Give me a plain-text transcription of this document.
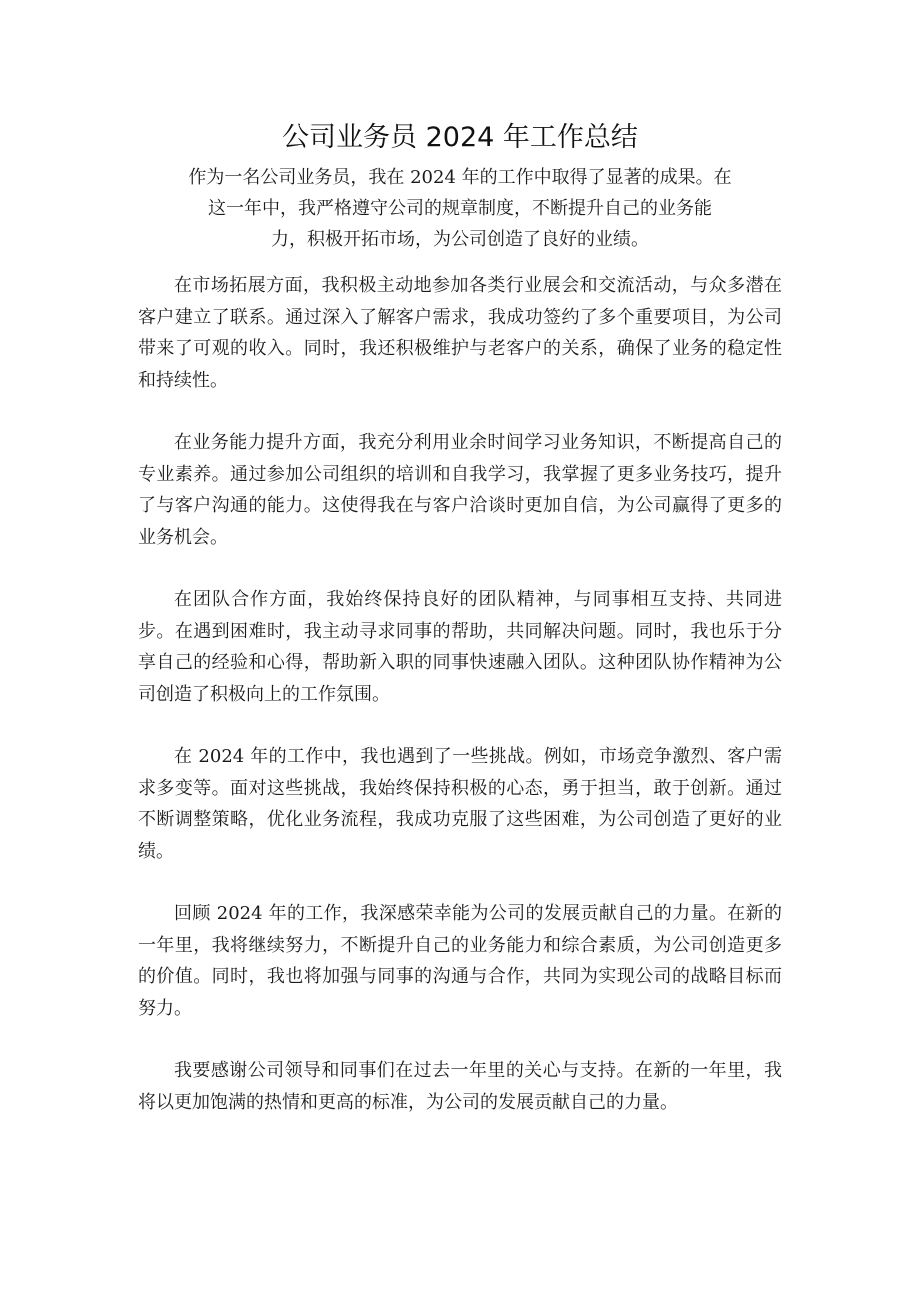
公司业务员 2024 年工作总结
作为一名公司业务员，我在 2024 年的工作中取得了显著的成果。在
这一年中，我严格遵守公司的规章制度，不断提升自己的业务能
力，积极开拓市场，为公司创造了良好的业绩。

在市场拓展方面，我积极主动地参加各类行业展会和交流活动，与众多潜在客户建立了联系。通过深入了解客户需求，我成功签约了多个重要项目，为公司带来了可观的收入。同时，我还积极维护与老客户的关系，确保了业务的稳定性和持续性。

在业务能力提升方面，我充分利用业余时间学习业务知识，不断提高自己的专业素养。通过参加公司组织的培训和自我学习，我掌握了更多业务技巧，提升了与客户沟通的能力。这使得我在与客户洽谈时更加自信，为公司赢得了更多的业务机会。

在团队合作方面，我始终保持良好的团队精神，与同事相互支持、共同进步。在遇到困难时，我主动寻求同事的帮助，共同解决问题。同时，我也乐于分享自己的经验和心得，帮助新入职的同事快速融入团队。这种团队协作精神为公司创造了积极向上的工作氛围。

在 2024 年的工作中，我也遇到了一些挑战。例如，市场竞争激烈、客户需求多变等。面对这些挑战，我始终保持积极的心态，勇于担当，敢于创新。通过不断调整策略，优化业务流程，我成功克服了这些困难，为公司创造了更好的业绩。

回顾 2024 年的工作，我深感荣幸能为公司的发展贡献自己的力量。在新的一年里，我将继续努力，不断提升自己的业务能力和综合素质，为公司创造更多的价值。同时，我也将加强与同事的沟通与合作，共同为实现公司的战略目标而努力。

我要感谢公司领导和同事们在过去一年里的关心与支持。在新的一年里，我将以更加饱满的热情和更高的标准，为公司的发展贡献自己的力量。
